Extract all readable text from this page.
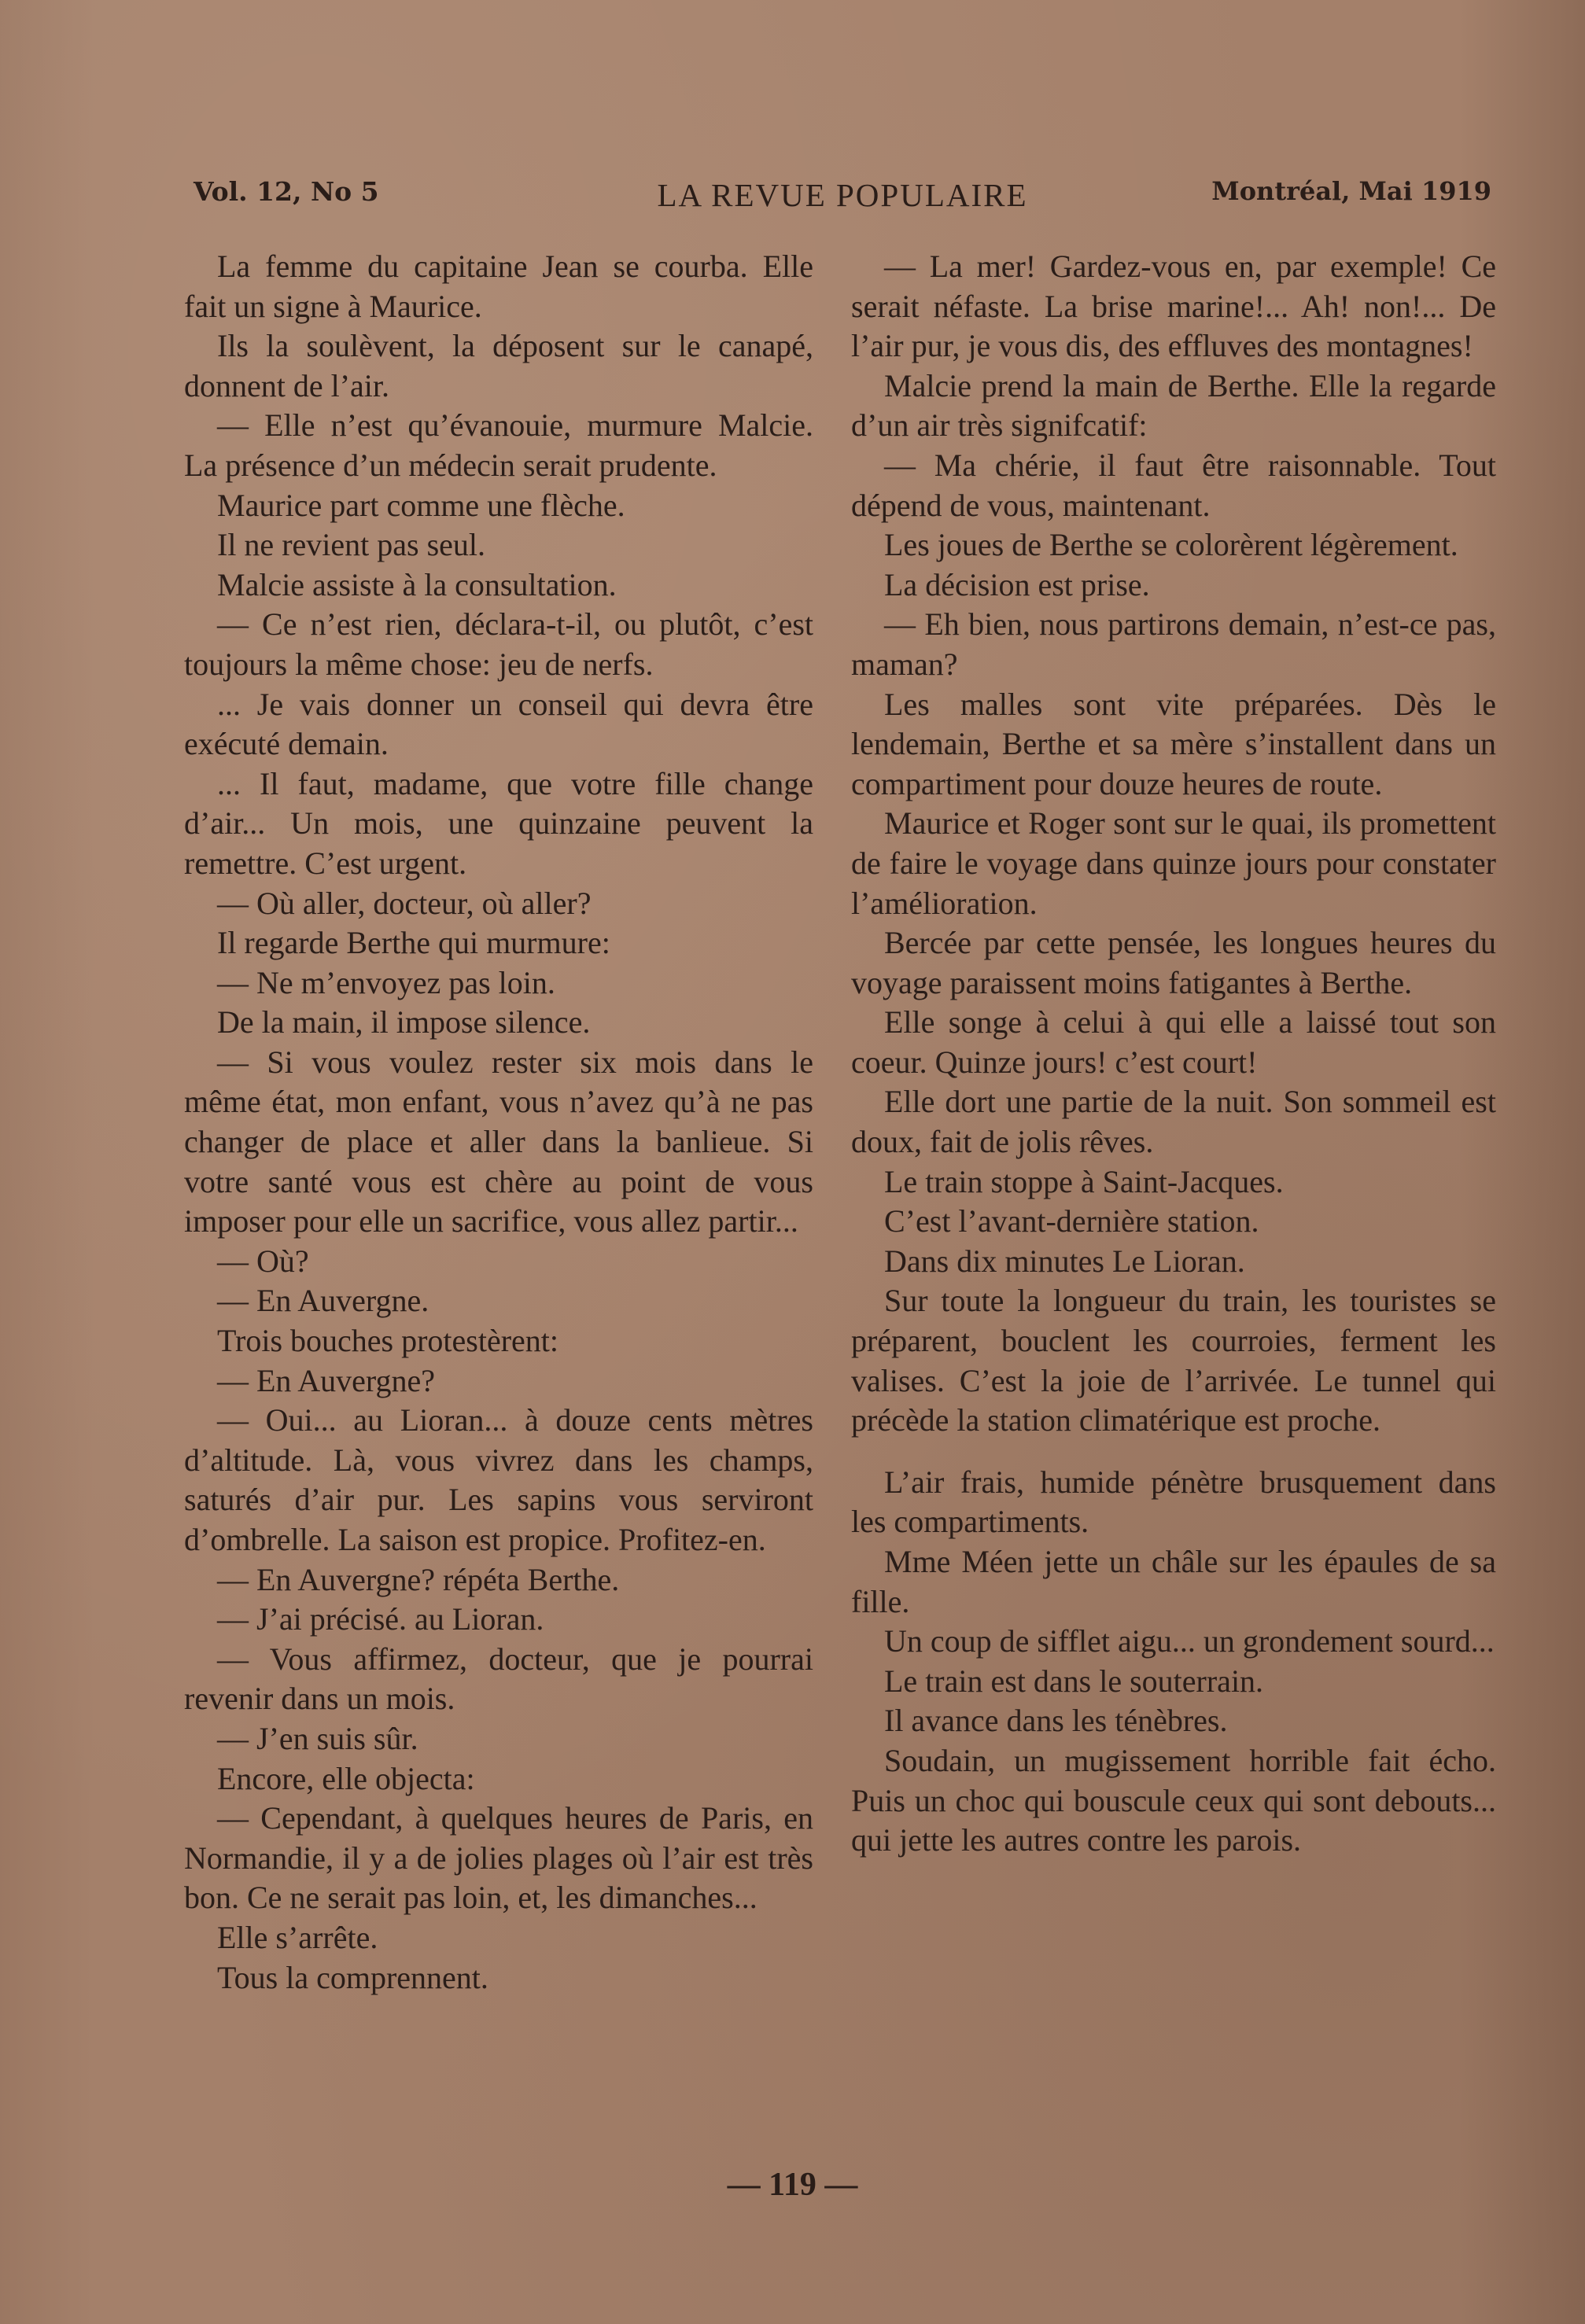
Vol. 12, No 5	LA REVUE POPULAIRE	Montréal, Mai 1919

La femme du capitaine Jean se courba. Elle fait un signe à Maurice.

Ils la soulèvent, la déposent sur le canapé, donnent de l’air.

— Elle n’est qu’évanouie, murmure Malcie. La présence d’un médecin serait prudente.

Maurice part comme une flèche.

Il ne revient pas seul.

Malcie assiste à la consultation.

— Ce n’est rien, déclara-t-il, ou plutôt, c’est toujours la même chose: jeu de nerfs.

... Je vais donner un conseil qui devra être exécuté demain.

... Il faut, madame, que votre fille change d’air... Un mois, une quinzaine peuvent la remettre. C’est urgent.

— Où aller, docteur, où aller?

Il regarde Berthe qui murmure:

— Ne m’envoyez pas loin.

De la main, il impose silence.

— Si vous voulez rester six mois dans le même état, mon enfant, vous n’avez qu’à ne pas changer de place et aller dans la banlieue. Si votre santé vous est chère au point de vous imposer pour elle un sacrifice, vous allez partir...

— Où?

— En Auvergne.

Trois bouches protestèrent:

— En Auvergne?

— Oui... au Lioran... à douze cents mètres d’altitude. Là, vous vivrez dans les champs, saturés d’air pur. Les sapins vous serviront d’ombrelle. La saison est propice. Profitez-en.

— En Auvergne? répéta Berthe.

— J’ai précisé. au Lioran.

— Vous affirmez, docteur, que je pourrai revenir dans un mois.

— J’en suis sûr.

Encore, elle objecta:

— Cependant, à quelques heures de Paris, en Normandie, il y a de jolies plages où l’air est très bon. Ce ne serait pas loin, et, les dimanches...

Elle s’arrête.

Tous la comprennent.

— La mer! Gardez-vous en, par exemple! Ce serait néfaste. La brise marine!... Ah! non!... De l’air pur, je vous dis, des effluves des montagnes!

Malcie prend la main de Berthe. Elle la regarde d’un air très signifcatif:

— Ma chérie, il faut être raisonnable. Tout dépend de vous, maintenant.

Les joues de Berthe se colorèrent légèrement.

La décision est prise.

— Eh bien, nous partirons demain, n’est-ce pas, maman?

Les malles sont vite préparées. Dès le lendemain, Berthe et sa mère s’installent dans un compartiment pour douze heures de route.

Maurice et Roger sont sur le quai, ils promettent de faire le voyage dans quinze jours pour constater l’amélioration.

Bercée par cette pensée, les longues heures du voyage paraissent moins fatigantes à Berthe.

Elle songe à celui à qui elle a laissé tout son coeur. Quinze jours! c’est court!

Elle dort une partie de la nuit. Son sommeil est doux, fait de jolis rêves.

Le train stoppe à Saint-Jacques.

C’est l’avant-dernière station.

Dans dix minutes Le Lioran.

Sur toute la longueur du train, les touristes se préparent, bouclent les courroies, ferment les valises. C’est la joie de l’arrivée. Le tunnel qui précède la station climatérique est proche.

L’air frais, humide pénètre brusquement dans les compartiments.

Mme Méen jette un châle sur les épaules de sa fille.

Un coup de sifflet aigu... un grondement sourd...

Le train est dans le souterrain.

Il avance dans les ténèbres.

Soudain, un mugissement horrible fait écho. Puis un choc qui bouscule ceux qui sont debouts... qui jette les autres contre les parois.

— 119 —
